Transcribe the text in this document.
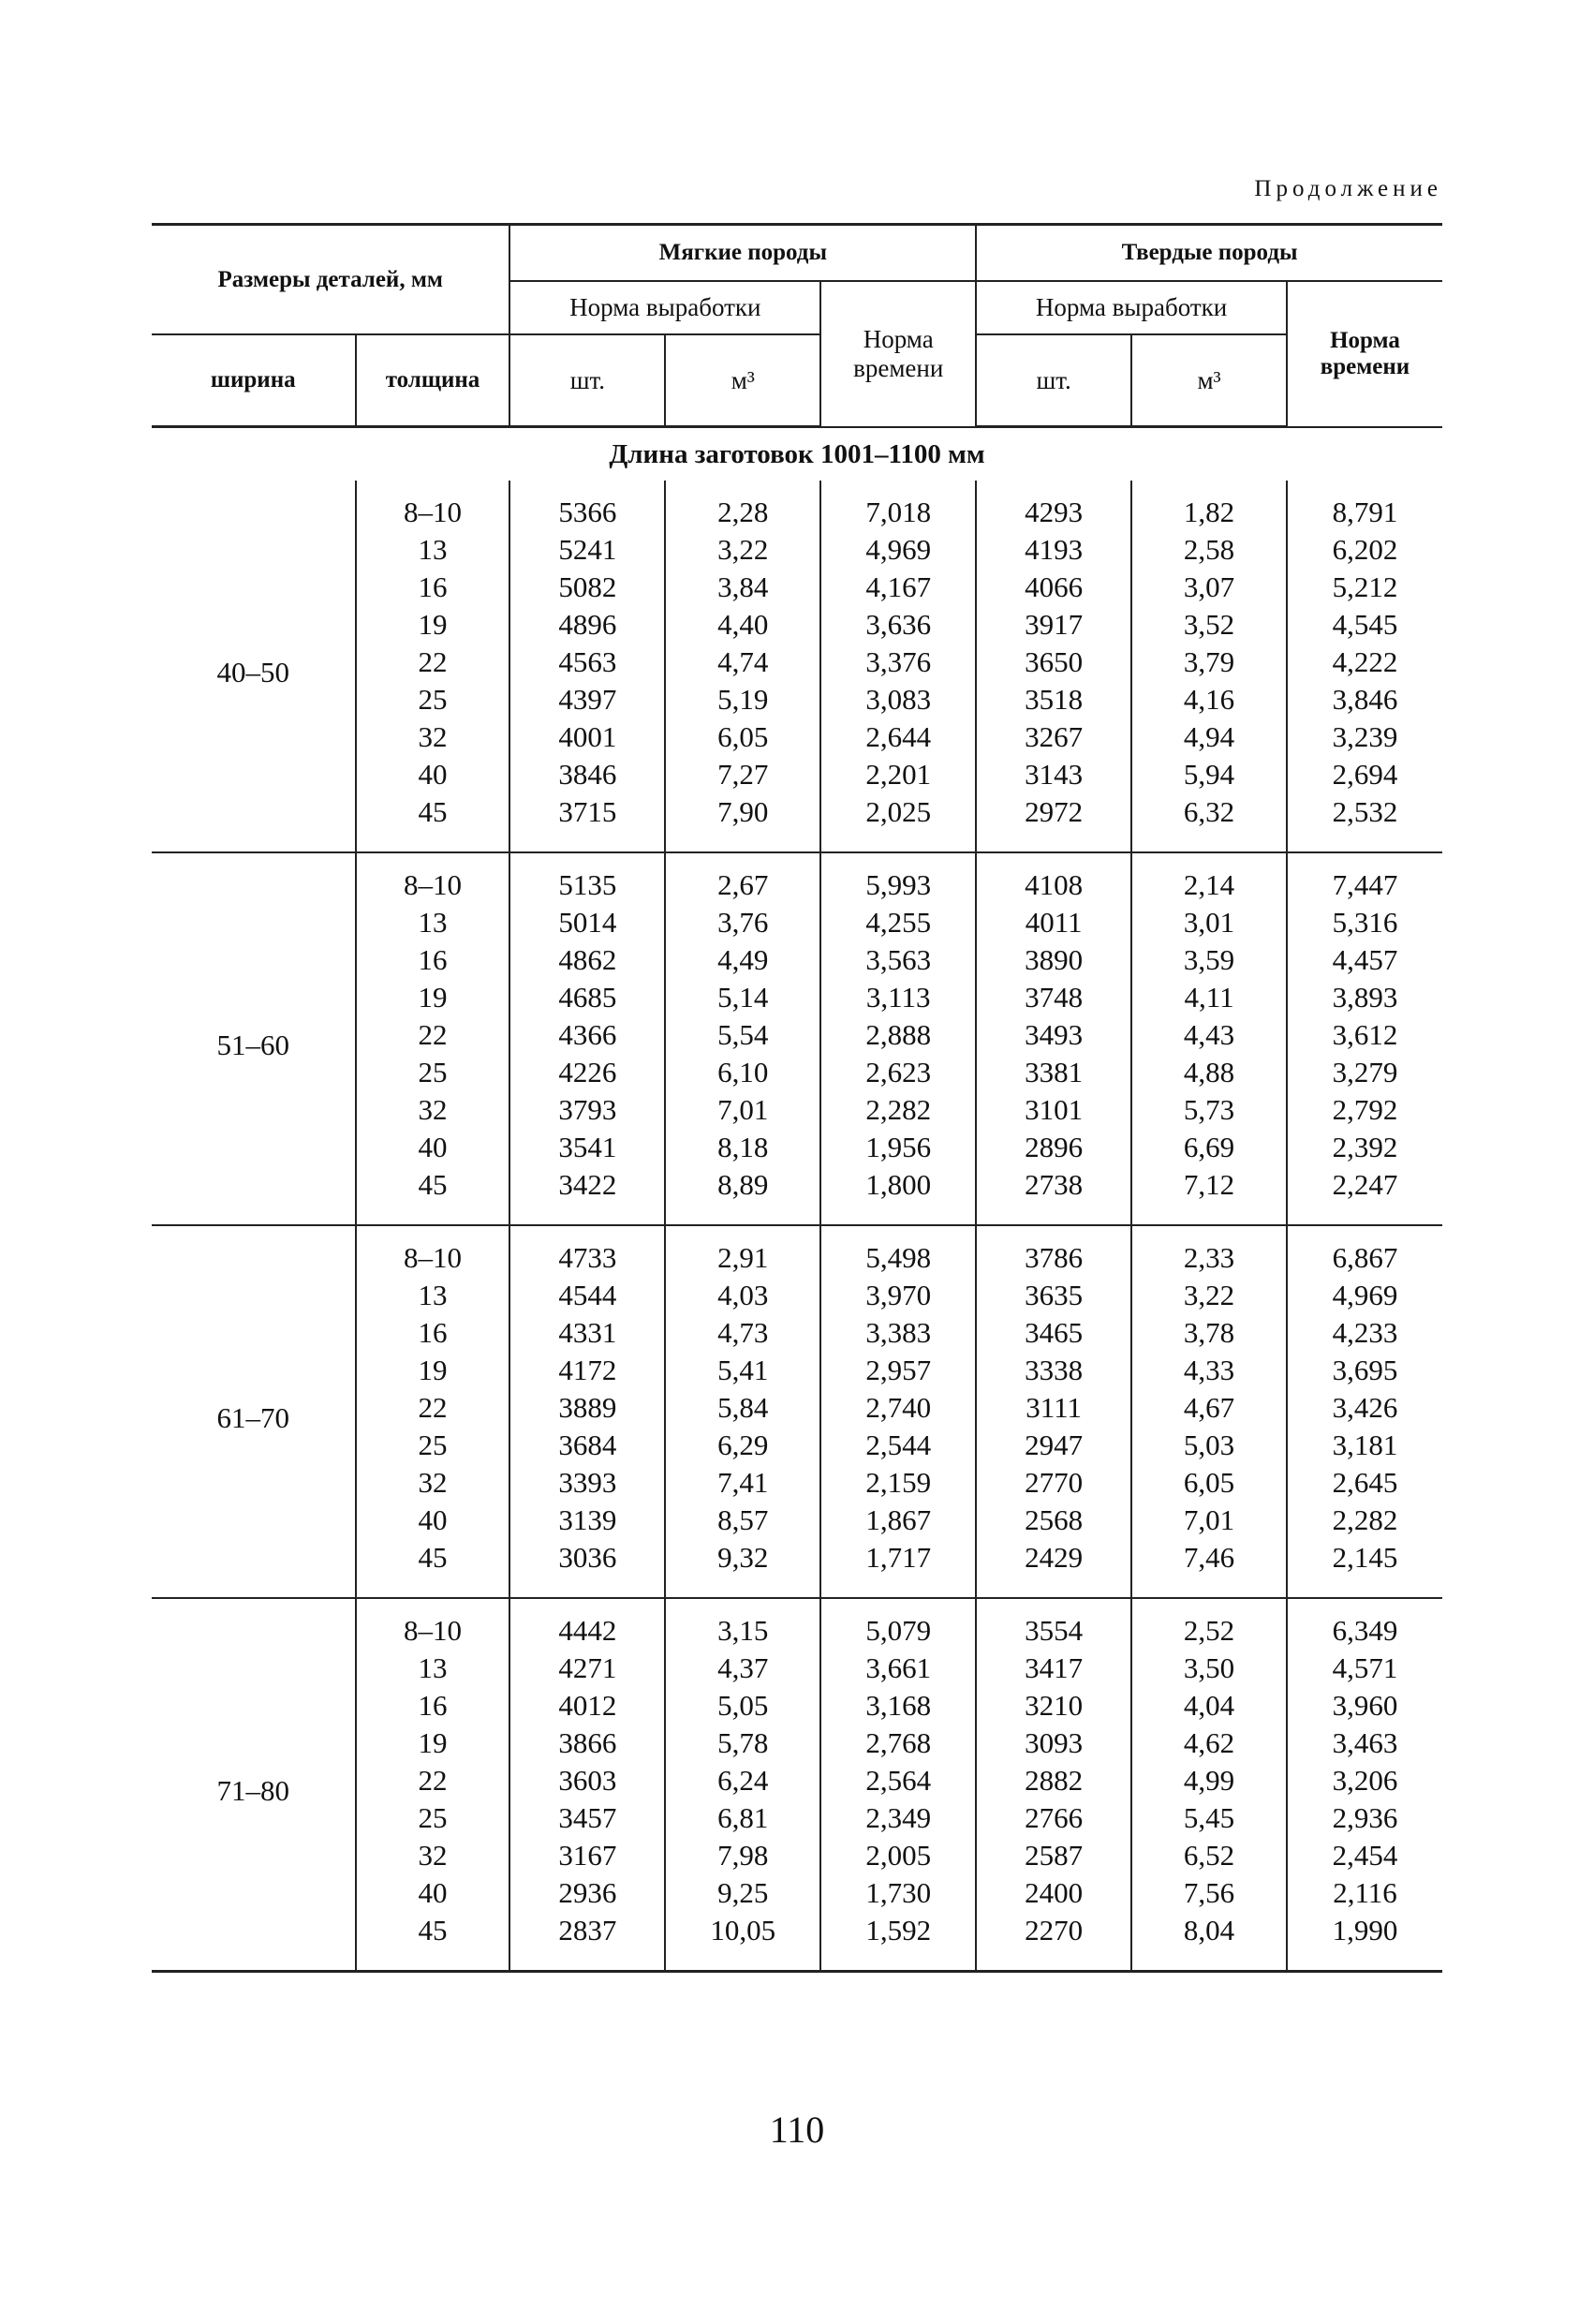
Продолжение
Размеры деталей, мм		Мягкие породы			Твердые породы		
		Норма выработки		Норма времени	Норма выработки		Норма времени
ширина	толщина	шт.	м³		шт.	м³	
Длина заготовок 1001–1100 мм							
40–50	8–10	5366	2,28	7,018	4293	1,82	8,791
	13	5241	3,22	4,969	4193	2,58	6,202
	16	5082	3,84	4,167	4066	3,07	5,212
	19	4896	4,40	3,636	3917	3,52	4,545
	22	4563	4,74	3,376	3650	3,79	4,222
	25	4397	5,19	3,083	3518	4,16	3,846
	32	4001	6,05	2,644	3267	4,94	3,239
	40	3846	7,27	2,201	3143	5,94	2,694
	45	3715	7,90	2,025	2972	6,32	2,532
51–60	8–10	5135	2,67	5,993	4108	2,14	7,447
	13	5014	3,76	4,255	4011	3,01	5,316
	16	4862	4,49	3,563	3890	3,59	4,457
	19	4685	5,14	3,113	3748	4,11	3,893
	22	4366	5,54	2,888	3493	4,43	3,612
	25	4226	6,10	2,623	3381	4,88	3,279
	32	3793	7,01	2,282	3101	5,73	2,792
	40	3541	8,18	1,956	2896	6,69	2,392
	45	3422	8,89	1,800	2738	7,12	2,247
61–70	8–10	4733	2,91	5,498	3786	2,33	6,867
	13	4544	4,03	3,970	3635	3,22	4,969
	16	4331	4,73	3,383	3465	3,78	4,233
	19	4172	5,41	2,957	3338	4,33	3,695
	22	3889	5,84	2,740	3111	4,67	3,426
	25	3684	6,29	2,544	2947	5,03	3,181
	32	3393	7,41	2,159	2770	6,05	2,645
	40	3139	8,57	1,867	2568	7,01	2,282
	45	3036	9,32	1,717	2429	7,46	2,145
71–80	8–10	4442	3,15	5,079	3554	2,52	6,349
	13	4271	4,37	3,661	3417	3,50	4,571
	16	4012	5,05	3,168	3210	4,04	3,960
	19	3866	5,78	2,768	3093	4,62	3,463
	22	3603	6,24	2,564	2882	4,99	3,206
	25	3457	6,81	2,349	2766	5,45	2,936
	32	3167	7,98	2,005	2587	6,52	2,454
	40	2936	9,25	1,730	2400	7,56	2,116
	45	2837	10,05	1,592	2270	8,04	1,990
110
